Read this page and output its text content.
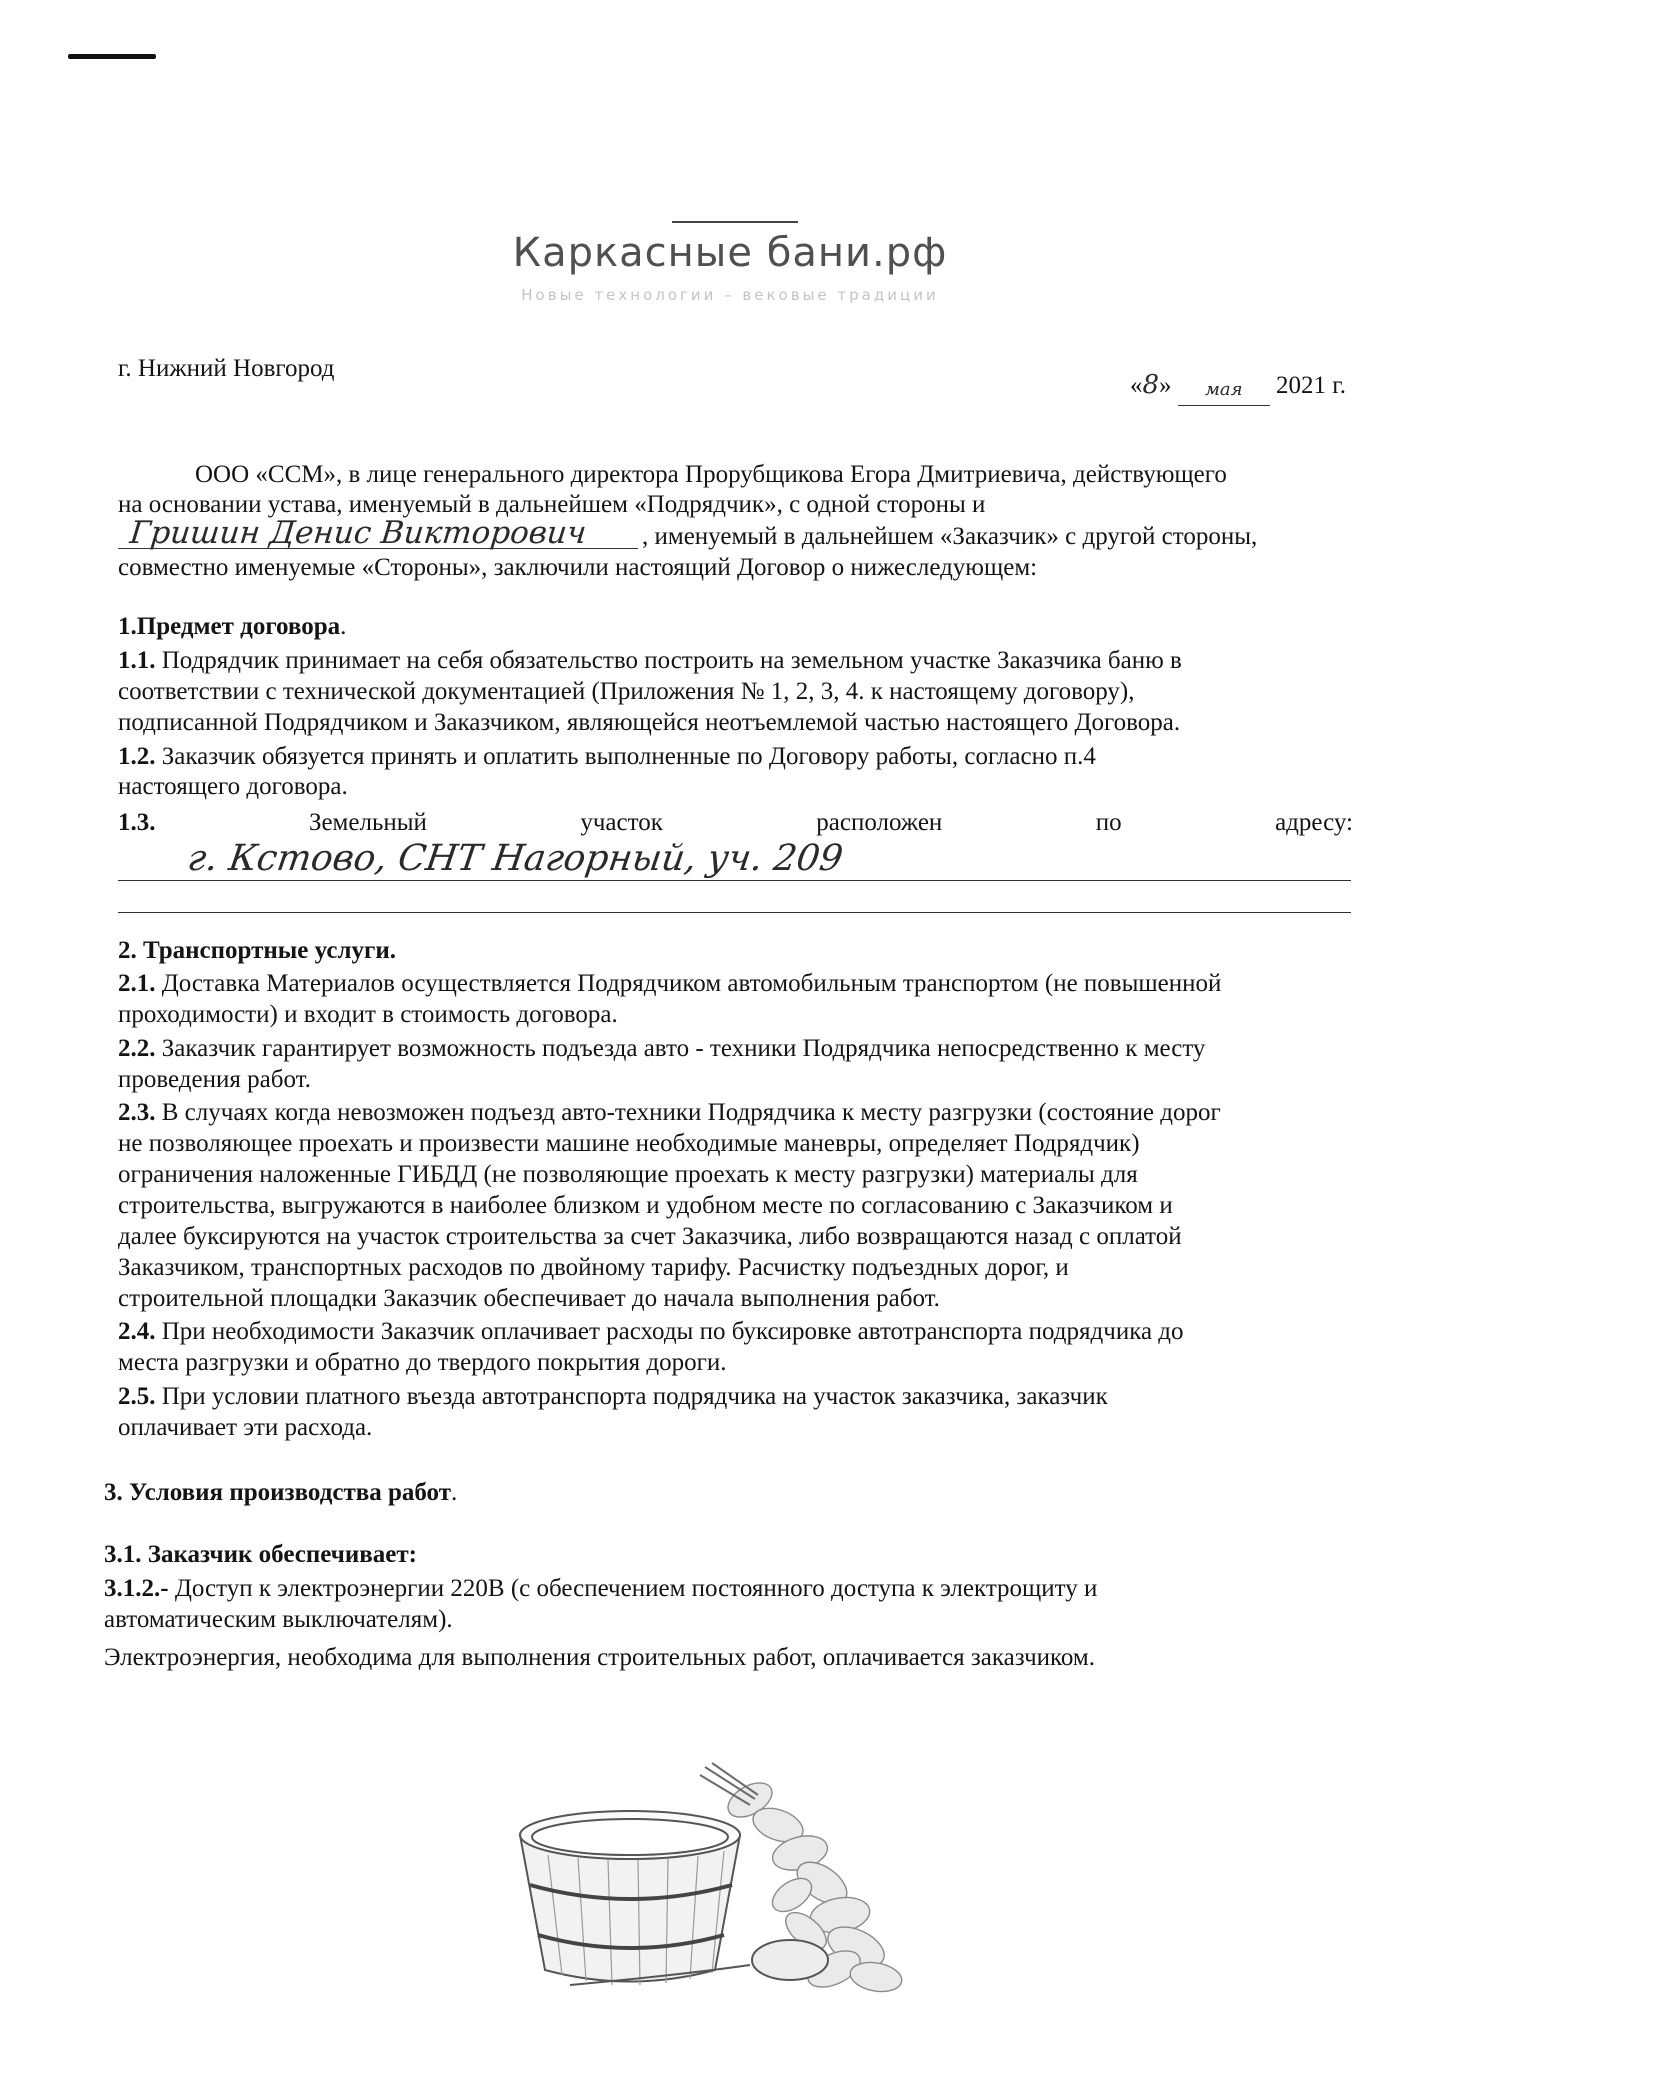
Каркасные бани.рф
Новые технологии – вековые традиции
г. Нижний Новгород
«8» мая 2021 г.
ООО «ССМ», в лице генерального директора Прорубщикова Егора Дмитриевича, действующего
на основании устава, именуемый в дальнейшем «Подрядчик», с одной стороны и
Гришин Денис Викторович , именуемый в дальнейшем «Заказчик» с другой стороны,
совместно именуемые «Стороны», заключили настоящий Договор о нижеследующем:
1.Предмет договора.
1.1. Подрядчик принимает на себя обязательство построить на земельном участке Заказчика баню в
соответствии с технической документацией (Приложения № 1, 2, 3, 4. к настоящему договору),
подписанной Подрядчиком и Заказчиком, являющейся неотъемлемой частью настоящего Договора.
1.2. Заказчик обязуется принять и оплатить выполненные по Договору работы, согласно п.4
настоящего договора.
1.3.	Земельный	участок	расположен	по	адресу:
г. Кстово, СНТ Нагорный, уч. 209
2. Транспортные услуги.
2.1. Доставка Материалов осуществляется Подрядчиком автомобильным транспортом (не повышенной
проходимости) и входит в стоимость договора.
2.2. Заказчик гарантирует возможность подъезда авто - техники Подрядчика непосредственно к месту
проведения работ.
2.3. В случаях когда невозможен подъезд авто-техники Подрядчика к месту разгрузки (состояние дорог
не позволяющее проехать и произвести машине необходимые маневры, определяет Подрядчик)
ограничения наложенные ГИБДД (не позволяющие проехать к месту разгрузки) материалы для
строительства, выгружаются в наиболее близком и удобном месте по согласованию с Заказчиком и
далее буксируются на участок строительства за счет Заказчика, либо возвращаются назад с оплатой
Заказчиком, транспортных расходов по двойному тарифу. Расчистку подъездных дорог, и
строительной площадки Заказчик обеспечивает до начала выполнения работ.
2.4. При необходимости Заказчик оплачивает расходы по буксировке автотранспорта подрядчика до
места разгрузки и обратно до твердого покрытия дороги.
2.5. При условии платного въезда автотранспорта подрядчика на участок заказчика, заказчик
оплачивает эти расхода.
3. Условия производства работ.
3.1. Заказчик обеспечивает:
3.1.2.- Доступ к электроэнергии 220В (с обеспечением постоянного доступа к электрощиту и
автоматическим выключателям).
Электроэнергия, необходима для выполнения строительных работ, оплачивается заказчиком.
